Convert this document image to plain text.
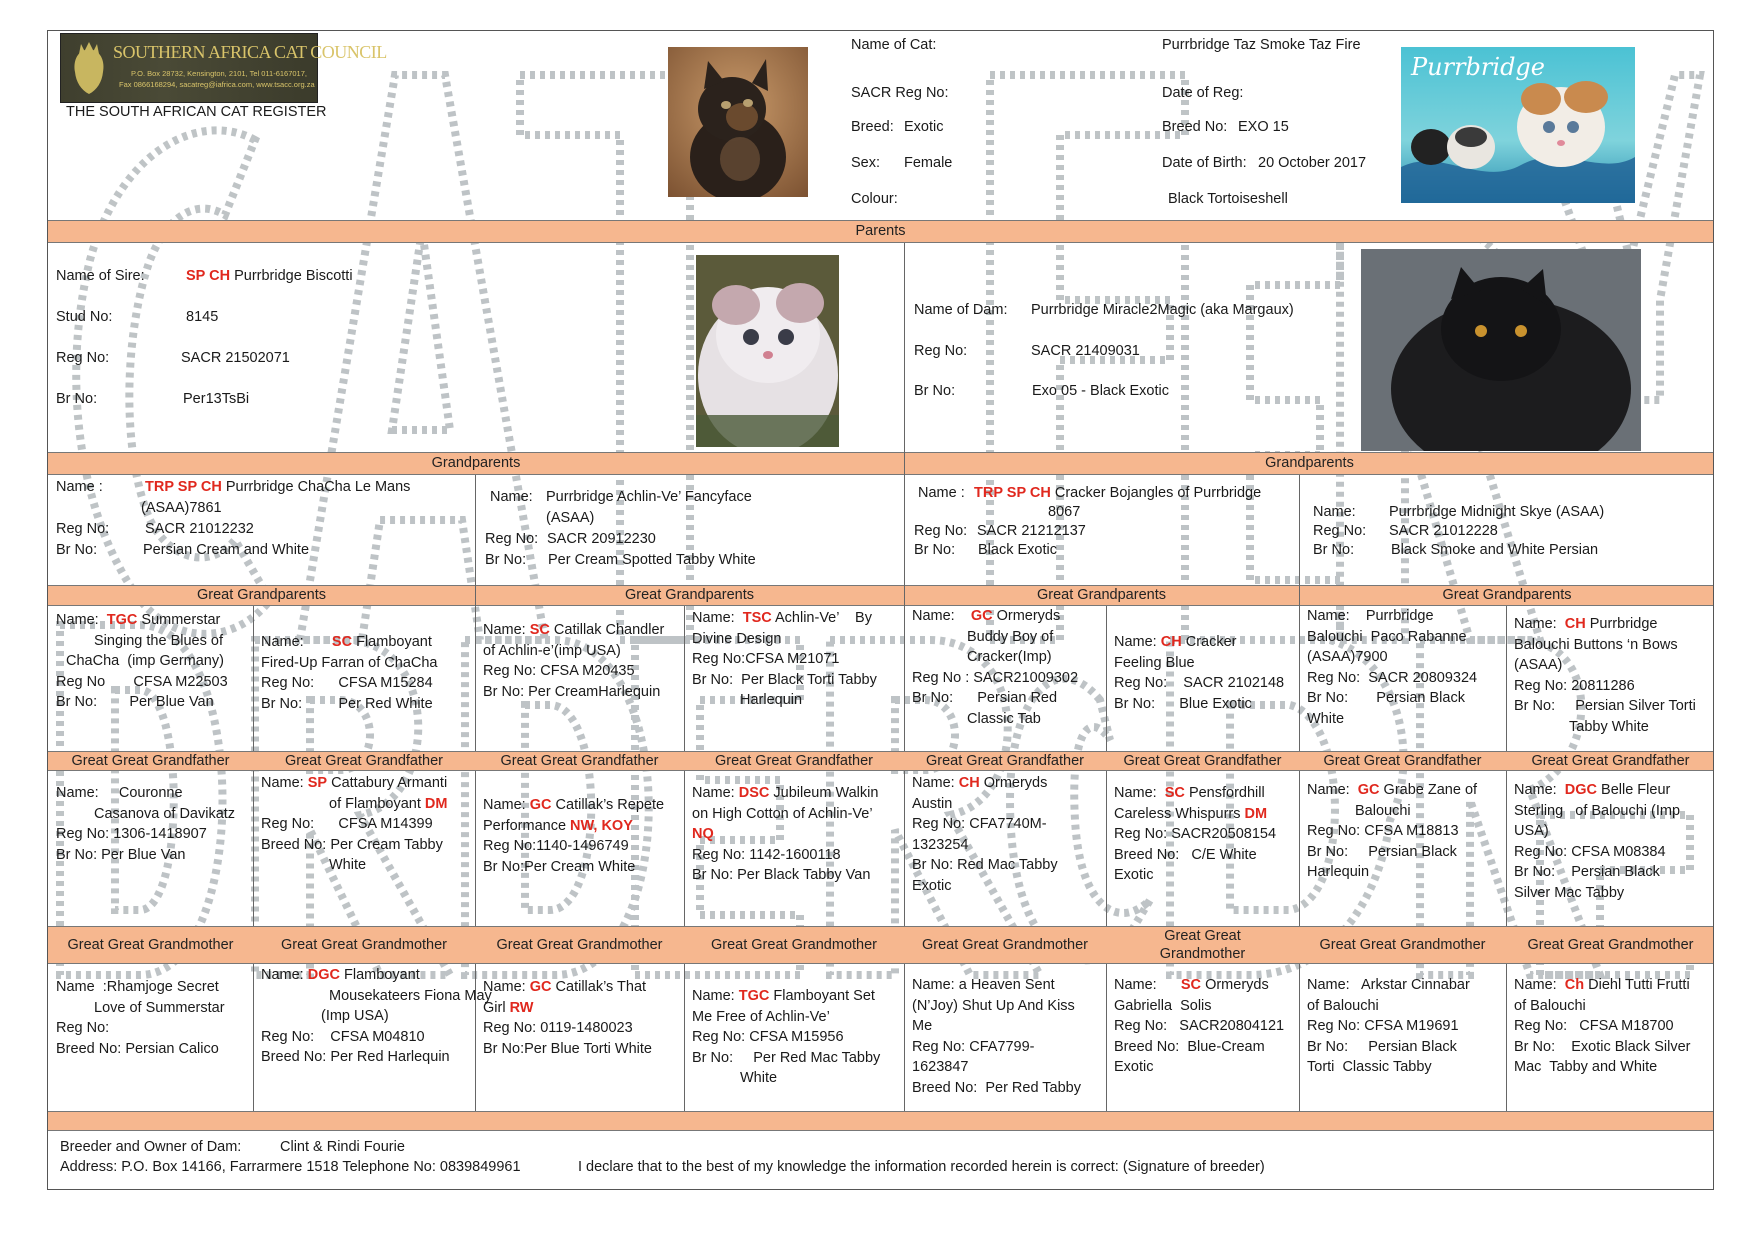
SOUTHERN AFRICA CAT COUNCIL
P.O. Box 28732, Kensington, 2101, Tel 011-6167017,
Fax 0866168294, sacatreg@iafrica.com, www.tsacc.org.za
THE SOUTH AFRICAN CAT REGISTER
Name of Cat:	Purrbridge Taz Smoke Taz Fire
SACR Reg No:	Date of Reg:
Breed: Exotic	Breed No: EXO 15
Sex: Female	Date of Birth: 20 October 2017
Colour:	Black Tortoiseshell
Purrbridge
Parents
Name of Sire:	SP CH Purrbridge Biscotti
Stud No:	8145
Reg No:	SACR 21502071
Br No:	Per13TsBi
Name of Dam: Purrbridge Miracle2Magic (aka Margaux)
Reg No:	SACR 21409031
Br No:	Exo 05 - Black Exotic
Grandparents	Grandparents
Name :	TRP SP CH Purrbridge ChaCha Le Mans
(ASAA)7861
Reg No: SACR 21012232
Br No:	Persian Cream and White
Name: Purrbridge Achlin-Ve’ Fancyface
(ASAA)
Reg No: SACR 20912230
Br No: Per Cream Spotted Tabby White
Name : TRP SP CH Cracker Bojangles of Purrbridge
8067
Reg No: SACR 21212137
Br No: Black Exotic
Name: Purrbridge Midnight Skye (ASAA)
Reg No: SACR 21012228
Br No:	Black Smoke and White Persian
Great Grandparents	Great Grandparents	Great Grandparents	Great Grandparents
Name:  TGC Summerstar
Singing the Blues of
ChaCha  (imp Germany)
Reg No       CFSA M22503
Br No:        Per Blue Van
Name:       SC Flamboyant
Fired-Up Farran of ChaCha
Reg No:      CFSA M15284
Br No:         Per Red White
Name: SC Catillak Chandler
of Achlin-e’(imp USA)
Reg No: CFSA M20435
Br No: Per CreamHarlequin
Name:  TSC Achlin-Ve’    By
Divine Design
Reg No:CFSA M21071
Br No:  Per Black Torti Tabby
Harlequin
Name:    GC Ormeryds
Buddy Boy of
Cracker(Imp)
Reg No : SACR21009302
Br No:      Persian Red
Classic Tab
Name: CH Cracker
Feeling Blue
Reg No:    SACR 2102148
Br No:      Blue Exotic
Name:    Purrbridge
Balouchi  Paco Rabanne
(ASAA)7900
Reg No:  SACR 20809324
Br No:       Persian Black
White
Name:  CH Purrbridge
Balouchi Buttons ‘n Bows
(ASAA)
Reg No: 20811286
Br No:     Persian Silver Torti
Tabby White
Great Great Grandfather	Great Great Grandfather	Great Great Grandfather	Great Great Grandfather	Great Great Grandfather	Great Great Grandfather	Great Great Grandfather	Great Great Grandfather
Name:     Couronne
Casanova of Davikatz
Reg No: 1306-1418907
Br No: Per Blue Van
Name: SP Cattabury Armanti
of Flamboyant DM
Reg No:      CFSA M14399
Breed No: Per Cream Tabby
White
Name: GC Catillak’s Repete
Performance NW, KOY
Reg No:1140-1496749
Br No:Per Cream White
Name: DSC Jubileum Walkin
on High Cotton of Achlin-Ve’
NQ
Reg No: 1142-1600118
Br No: Per Black Tabby Van
Name: CH Ormeryds
Austin
Reg No: CFA7740M-
1323254
Br No: Red Mac Tabby
Exotic
Name:  SC Pensfordhill
Careless Whispurrs DM
Reg No: SACR20508154
Breed No:   C/E White
Exotic
Name:  GC Grabe Zane of
Balouchi
Reg No: CFSA M18813
Br No:     Persian Black
Harlequin
Name:  DGC Belle Fleur
Sterling   of Balouchi (Imp
USA)
Reg No: CFSA M08384
Br No:    Persian Black
Silver Mac Tabby
Great Great Grandmother	Great Great Grandmother	Great Great Grandmother	Great Great Grandmother	Great Great Grandmother
Great Great
Grandmother
Great Great Grandmother	Great Great Grandmother
Name  :Rhamjoge Secret
Love of Summerstar
Reg No:
Breed No: Persian Calico
Name: DGC Flamboyant
Mousekateers Fiona May
(Imp USA)
Reg No:    CFSA M04810
Breed No: Per Red Harlequin
Name: GC Catillak’s That
Girl RW
Reg No: 0119-1480023
Br No:Per Blue Torti White
Name: TGC Flamboyant Set
Me Free of Achlin-Ve’
Reg No: CFSA M15956
Br No:     Per Red Mac Tabby
White
Name: a Heaven Sent
(N’Joy) Shut Up And Kiss
Me
Reg No: CFA7799-
1623847
Breed No:  Per Red Tabby
Name:      SC Ormeryds
Gabriella  Solis
Reg No:   SACR20804121
Breed No:  Blue-Cream
Exotic
Name:   Arkstar Cinnabar
of Balouchi
Reg No: CFSA M19691
Br No:     Persian Black
Torti  Classic Tabby
Name:  Ch Diehl Tutti Frutti
of Balouchi
Reg No:   CFSA M18700
Br No:    Exotic Black Silver
Mac  Tabby and White
Breeder and Owner of Dam:	Clint & Rindi Fourie
Address: P.O. Box 14166, Farrarmere 1518 Telephone No: 0839849961	I declare that to the best of my knowledge the information recorded herein is correct: (Signature of breeder)
